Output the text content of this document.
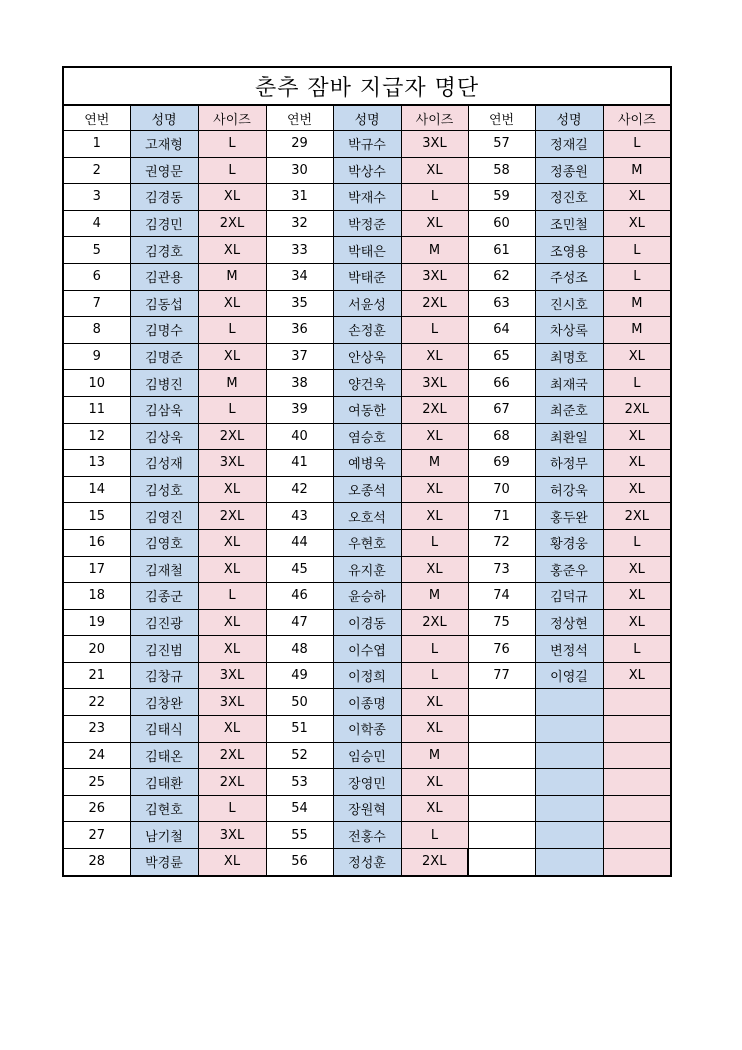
춘추 잠바 지급자 명단								
연번	성명	사이즈	연번	성명	사이즈	연번	성명	사이즈
1	고재형	L	29	박규수	3XL	57	정재길	L
2	권영문	L	30	박상수	XL	58	정종원	M
3	김경동	XL	31	박재수	L	59	정진호	XL
4	김경민	2XL	32	박정준	XL	60	조민철	XL
5	김경호	XL	33	박태은	M	61	조영용	L
6	김관용	M	34	박태준	3XL	62	주성조	L
7	김동섭	XL	35	서윤성	2XL	63	진시호	M
8	김명수	L	36	손정훈	L	64	차상록	M
9	김명준	XL	37	안상욱	XL	65	최명호	XL
10	김병진	M	38	양건욱	3XL	66	최재국	L
11	김삼욱	L	39	여동한	2XL	67	최준호	2XL
12	김상욱	2XL	40	염승호	XL	68	최환일	XL
13	김성재	3XL	41	예병욱	M	69	하정무	XL
14	김성호	XL	42	오종석	XL	70	허강욱	XL
15	김영진	2XL	43	오호석	XL	71	홍두완	2XL
16	김영호	XL	44	우현호	L	72	황경웅	L
17	김재철	XL	45	유지훈	XL	73	홍준우	XL
18	김종군	L	46	윤승하	M	74	김덕규	XL
19	김진광	XL	47	이경동	2XL	75	정상현	XL
20	김진범	XL	48	이수엽	L	76	변정석	L
21	김창규	3XL	49	이정희	L	77	이영길	XL
22	김창완	3XL	50	이종명	XL			
23	김태식	XL	51	이학종	XL			
24	김태온	2XL	52	임승민	M			
25	김태환	2XL	53	장영민	XL			
26	김현호	L	54	장원혁	XL			
27	남기철	3XL	55	전홍수	L			
28	박경륜	XL	56	정성훈	2XL			
